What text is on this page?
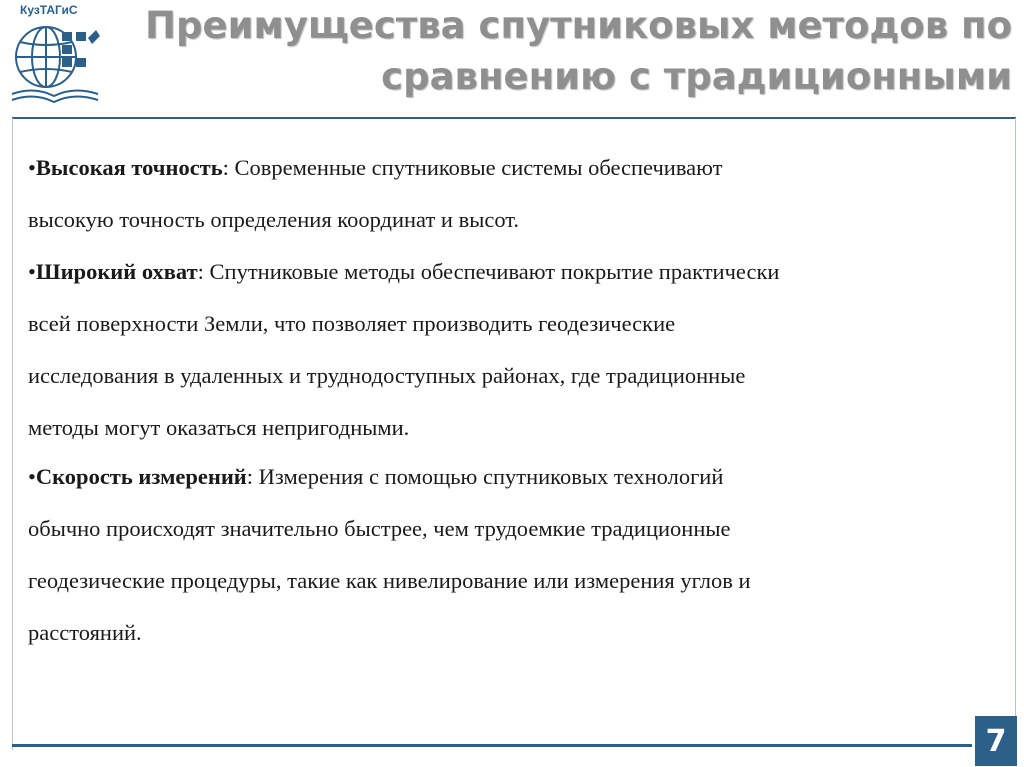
КузТАГиС	Преимущества спутниковых методов по
сравнению с традиционными
•Высокая точность: Современные спутниковые системы обеспечивают
высокую точность определения координат и высот.
•Широкий охват: Спутниковые методы обеспечивают покрытие практически
всей поверхности Земли, что позволяет производить геодезические
исследования в удаленных и труднодоступных районах, где традиционные
методы могут оказаться непригодными.
•Скорость измерений: Измерения с помощью спутниковых технологий
обычно происходят значительно быстрее, чем трудоемкие традиционные
геодезические процедуры, такие как нивелирование или измерения углов и
расстояний.
7
